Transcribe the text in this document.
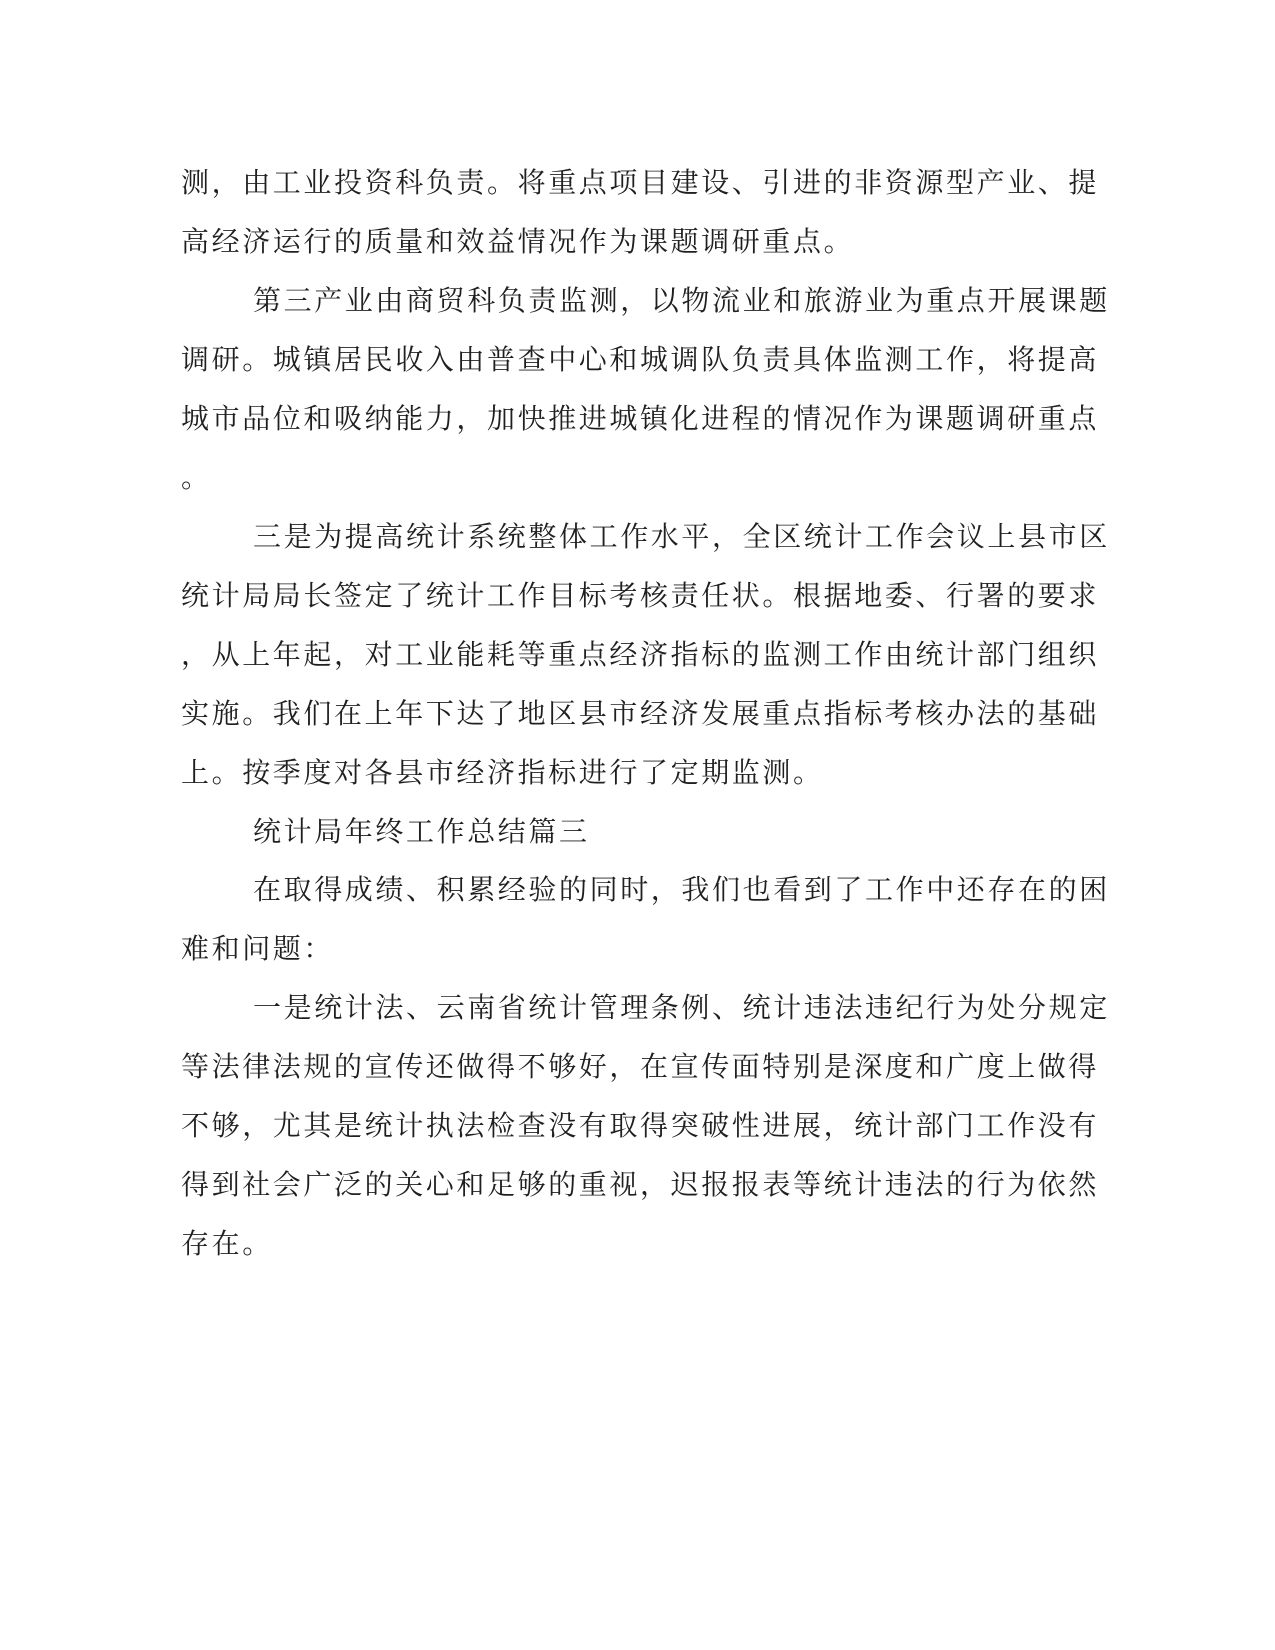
测，由工业投资科负责。将重点项目建设、引进的非资源型产业、提
高经济运行的质量和效益情况作为课题调研重点。
第三产业由商贸科负责监测，以物流业和旅游业为重点开展课题
调研。城镇居民收入由普查中心和城调队负责具体监测工作，将提高
城市品位和吸纳能力，加快推进城镇化进程的情况作为课题调研重点
。
三是为提高统计系统整体工作水平，全区统计工作会议上县市区
统计局局长签定了统计工作目标考核责任状。根据地委、行署的要求
，从上年起，对工业能耗等重点经济指标的监测工作由统计部门组织
实施。我们在上年下达了地区县市经济发展重点指标考核办法的基础
上。按季度对各县市经济指标进行了定期监测。
统计局年终工作总结篇三
在取得成绩、积累经验的同时，我们也看到了工作中还存在的困
难和问题：
一是统计法、云南省统计管理条例、统计违法违纪行为处分规定
等法律法规的宣传还做得不够好，在宣传面特别是深度和广度上做得
不够，尤其是统计执法检查没有取得突破性进展，统计部门工作没有
得到社会广泛的关心和足够的重视，迟报报表等统计违法的行为依然
存在。
